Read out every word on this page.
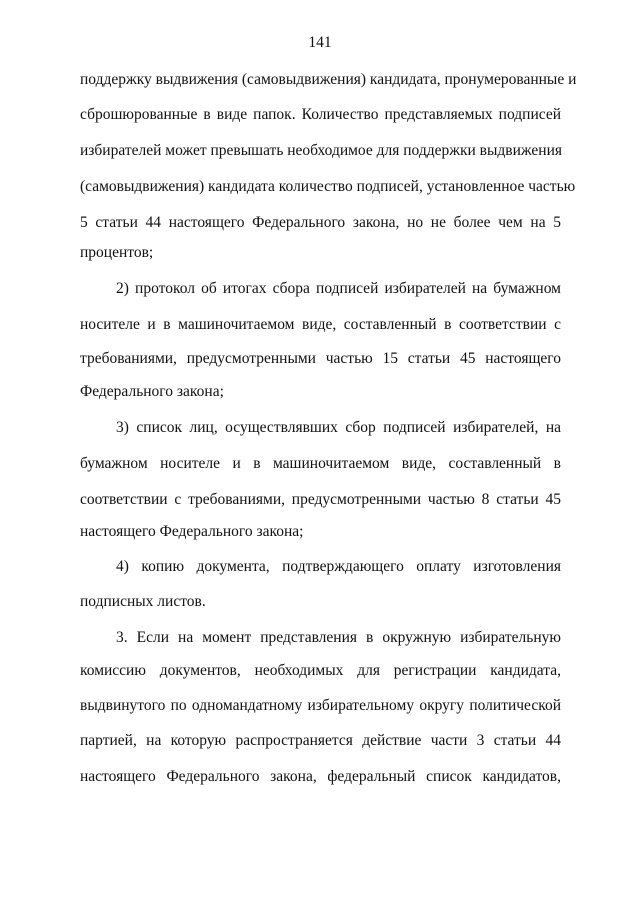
141
поддержку выдвижения (самовыдвижения) кандидата, пронумерованные и
сброшюрованные в виде папок. Количество представляемых подписей
избирателей может превышать необходимое для поддержки выдвижения
(самовыдвижения) кандидата количество подписей, установленное частью
5 статьи 44 настоящего Федерального закона, но не более чем на 5
процентов;
2) протокол об итогах сбора подписей избирателей на бумажном
носителе и в машиночитаемом виде, составленный в соответствии с
требованиями, предусмотренными частью 15 статьи 45 настоящего
Федерального закона;
3) список лиц, осуществлявших сбор подписей избирателей, на
бумажном носителе и в машиночитаемом виде, составленный в
соответствии с требованиями, предусмотренными частью 8 статьи 45
настоящего Федерального закона;
4) копию документа, подтверждающего оплату изготовления
подписных листов.
3. Если на момент представления в окружную избирательную
комиссию документов, необходимых для регистрации кандидата,
выдвинутого по одномандатному избирательному округу политической
партией, на которую распространяется действие части 3 статьи 44
настоящего Федерального закона, федеральный список кандидатов,
